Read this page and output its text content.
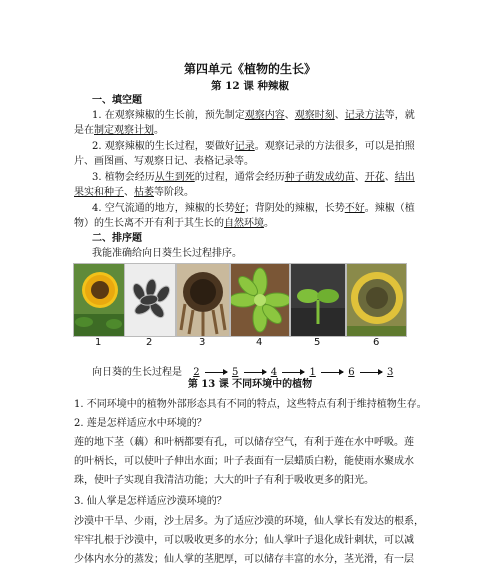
第四单元《植物的生长》
第 12 课 种辣椒
一、填空题
1. 在观察辣椒的生长前，预先制定观察内容、观察时刻、记录方法等，就
是在制定观察计划。
2. 观察辣椒的生长过程，要做好记录。观察记录的方法很多，可以是拍照
片、画图画、写观察日记、表格记录等。
3. 植物会经历从生到死的过程，通常会经历种子萌发成幼苗、开花、结出
果实和种子、枯萎等阶段。
4. 空气流通的地方，辣椒的长势好；背阴处的辣椒，长势不好。辣椒（植
物）的生长离不开有利于其生长的自然环境。
二、排序题
我能准确给向日葵生长过程排序。
1	2	3	4	5	6
向日葵的生长过程是 2	5	4	1	6	3
第 13 课 不同环境中的植物
1. 不同环境中的植物外部形态具有不同的特点，这些特点有利于维持植物生存。
2. 莲是怎样适应水中环境的？
莲的地下茎（藕）和叶柄都要有孔，可以储存空气，有利于莲在水中呼吸。莲
的叶柄长，可以使叶子伸出水面；叶子表面有一层蜡质白粉，能使雨水聚成水
珠，使叶子实现自我清洁功能；大大的叶子有利于吸收更多的阳光。
3. 仙人掌是怎样适应沙漠环境的？
沙漠中干旱、少雨，沙土居多。为了适应沙漠的环境，仙人掌长有发达的根系，
牢牢扎根于沙漠中，可以吸收更多的水分；仙人掌叶子退化成针刺状，可以减
少体内水分的蒸发；仙人掌的茎肥厚，可以储存丰富的水分，茎光滑，有一层
